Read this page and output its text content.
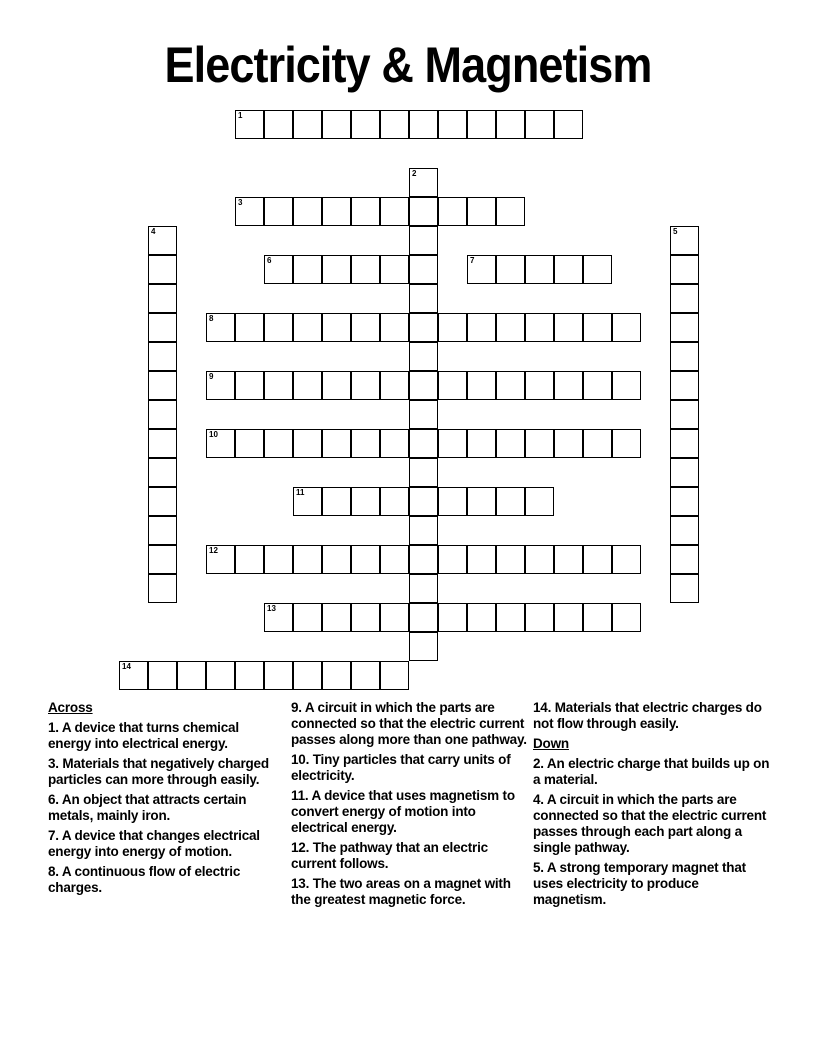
Electricity & Magnetism
1
2
3
4	5
6	7
8
9
10
11
12
13
14
Across
1. A device that turns chemical energy into electrical energy.
3. Materials that negatively charged particles can more through easily.
6. An object that attracts certain metals, mainly iron.
7. A device that changes electrical energy into energy of motion.
8. A continuous flow of electric charges.
9. A circuit in which the parts are connected so that the electric current passes along more than one pathway.
10. Tiny particles that carry units of electricity.
11. A device that uses magnetism to convert energy of motion into electrical energy.
12. The pathway that an electric current follows.
13. The two areas on a magnet with the greatest magnetic force.
14. Materials that electric charges do not flow through easily.
Down
2. An electric charge that builds up on a material.
4. A circuit in which the parts are connected so that the electric current passes through each part along a single pathway.
5. A strong temporary magnet that uses electricity to produce magnetism.
